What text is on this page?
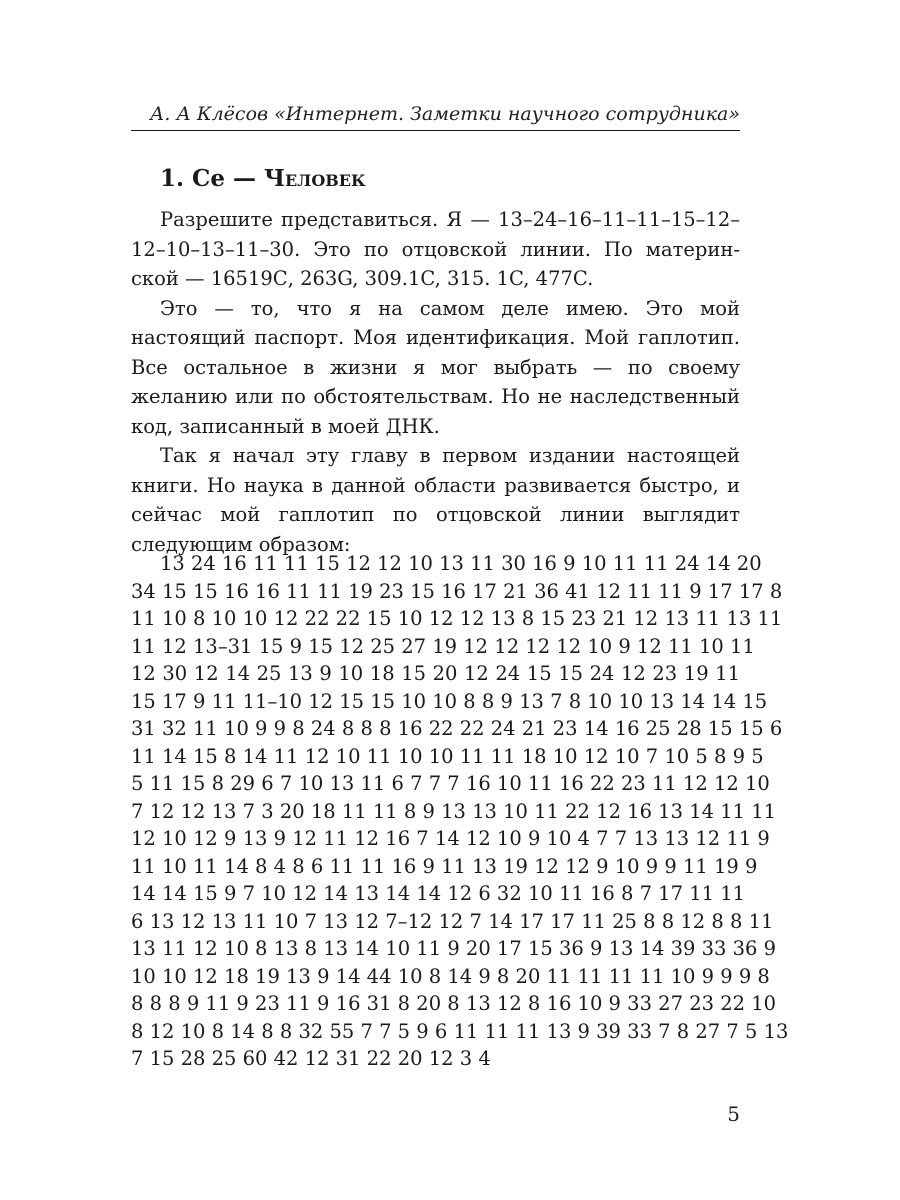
А. А Клёсов «Интернет. Заметки научного сотрудника»
1. Се — Человек

Разрешите представиться. Я — 13–24–16–11–11–15–12–12–10–13–11–30. Это по отцовской линии. По материнской — 16519С, 263G, 309.1C, 315. 1C, 477C.

Это — то, что я на самом деле имею. Это мой настоящий паспорт. Моя идентификация. Мой гаплотип. Все остальное в жизни я мог выбрать — по своему желанию или по обстоятельствам. Но не наследственный код, записанный в моей ДНК.

Так я начал эту главу в первом издании настоящей книги. Но наука в данной области развивается быстро, и сейчас мой гаплотип по отцовской линии выглядит следующим образом:

13 24 16 11 11 15 12 12 10 13 11 30 16 9 10 11 11 24 14 20
34 15 15 16 16 11 11 19 23 15 16 17 21 36 41 12 11 11 9 17 17 8
11 10 8 10 10 12 22 22 15 10 12 12 13 8 15 23 21 12 13 11 13 11
11 12 13–31 15 9 15 12 25 27 19 12 12 12 12 10 9 12 11 10 11
12 30 12 14 25 13 9 10 18 15 20 12 24 15 15 24 12 23 19 11
15 17 9 11 11–10 12 15 15 10 10 8 8 9 13 7 8 10 10 13 14 14 15
31 32 11 10 9 9 8 24 8 8 8 16 22 22 24 21 23 14 16 25 28 15 15 6
11 14 15 8 14 11 12 10 11 10 10 11 11 18 10 12 10 7 10 5 8 9 5
5 11 15 8 29 6 7 10 13 11 6 7 7 7 16 10 11 16 22 23 11 12 12 10
7 12 12 13 7 3 20 18 11 11 8 9 13 13 10 11 22 12 16 13 14 11 11
12 10 12 9 13 9 12 11 12 16 7 14 12 10 9 10 4 7 7 13 13 12 11 9
11 10 11 14 8 4 8 6 11 11 16 9 11 13 19 12 12 9 10 9 9 11 19 9
14 14 15 9 7 10 12 14 13 14 14 12 6 32 10 11 16 8 7 17 11 11
6 13 12 13 11 10 7 13 12 7–12 12 7 14 17 17 11 25 8 8 12 8 8 11
13 11 12 10 8 13 8 13 14 10 11 9 20 17 15 36 9 13 14 39 33 36 9
10 10 12 18 19 13 9 14 44 10 8 14 9 8 20 11 11 11 11 10 9 9 9 8
8 8 8 9 11 9 23 11 9 16 31 8 20 8 13 12 8 16 10 9 33 27 23 22 10
8 12 10 8 14 8 8 32 55 7 7 5 9 6 11 11 11 13 9 39 33 7 8 27 7 5 13
7 15 28 25 60 42 12 31 22 20 12 3 4
5
